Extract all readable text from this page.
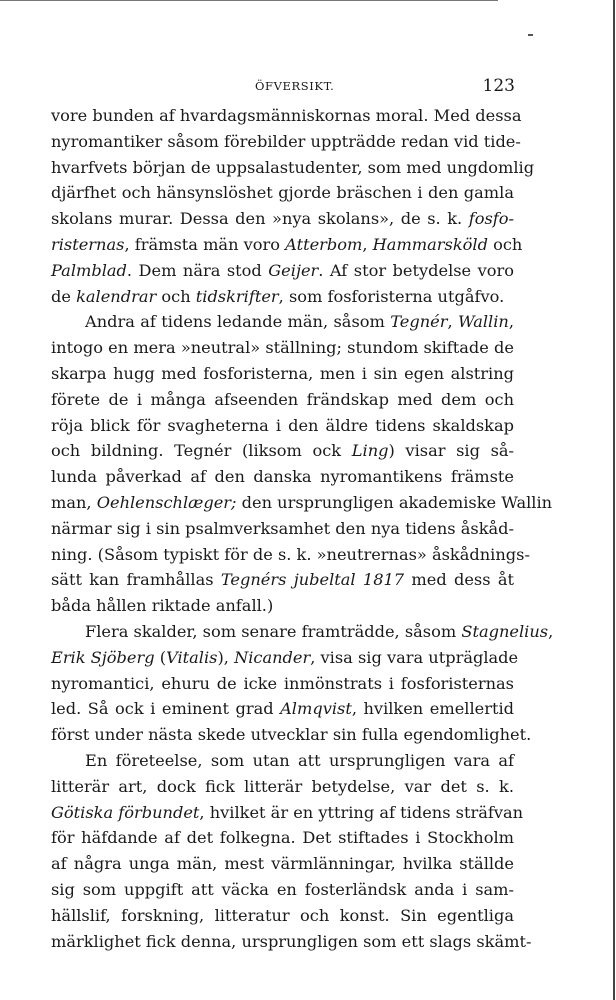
ÖFVERSIKT.	123
vore bunden af hvardagsmänniskornas moral. Med dessa
nyromantiker såsom förebilder uppträdde redan vid tide-
hvarfvets början de uppsalastudenter, som med ungdomlig
djärfhet och hänsynslöshet gjorde bräschen i den gamla
skolans murar. Dessa den »nya skolans», de s. k. fosfo-
risternas, främsta män voro Atterbom, Hammarsköld och
Palmblad. Dem nära stod Geijer. Af stor betydelse voro
de kalendrar och tidskrifter, som fosforisterna utgåfvo.
Andra af tidens ledande män, såsom Tegnér, Wallin,
intogo en mera »neutral» ställning; stundom skiftade de
skarpa hugg med fosforisterna, men i sin egen alstring
förete de i många afseenden frändskap med dem och
röja blick för svagheterna i den äldre tidens skaldskap
och bildning. Tegnér (liksom ock Ling) visar sig så-
lunda påverkad af den danska nyromantikens främste
man, Oehlenschlæger; den ursprungligen akademiske Wallin
närmar sig i sin psalmverksamhet den nya tidens åskåd-
ning. (Såsom typiskt för de s. k. »neutrernas» åskådnings-
sätt kan framhållas Tegnérs jubeltal 1817 med dess åt
båda hållen riktade anfall.)
Flera skalder, som senare framträdde, såsom Stagnelius,
Erik Sjöberg (Vitalis), Nicander, visa sig vara utpräglade
nyromantici, ehuru de icke inmönstrats i fosforisternas
led. Så ock i eminent grad Almqvist, hvilken emellertid
först under nästa skede utvecklar sin fulla egendomlighet.
En företeelse, som utan att ursprungligen vara af
litterär art, dock fick litterär betydelse, var det s. k.
Götiska förbundet, hvilket är en yttring af tidens sträfvan
för häfdande af det folkegna. Det stiftades i Stockholm
af några unga män, mest värmlänningar, hvilka ställde
sig som uppgift att väcka en fosterländsk anda i sam-
hällslif, forskning, litteratur och konst. Sin egentliga
märklighet fick denna, ursprungligen som ett slags skämt-
